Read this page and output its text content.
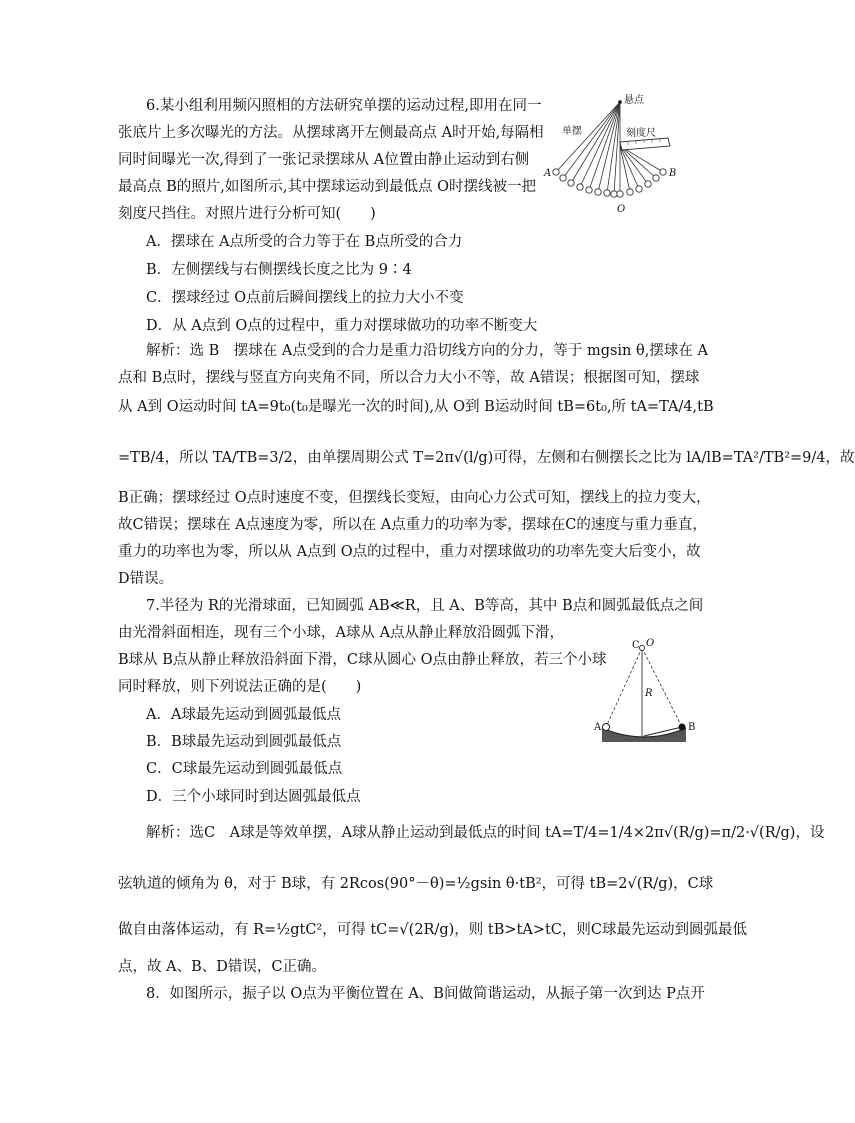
6.某小组利用频闪照相的方法研究单摆的运动过程,即用在同一
张底片上多次曝光的方法。从摆球离开左侧最高点 A时开始,每隔相
同时间曝光一次,得到了一张记录摆球从 A位置由静止运动到右侧
最高点 B的照片,如图所示,其中摆球运动到最低点 O时摆线被一把
刻度尺挡住。对照片进行分析可知(　　)
A．摆球在 A点所受的合力等于在 B点所受的合力
B．左侧摆线与右侧摆线长度之比为 9∶4
C．摆球经过 O点前后瞬间摆线上的拉力大小不变
D．从 A点到 O点的过程中，重力对摆球做功的功率不断变大
解析：选 B　摆球在 A点受到的合力是重力沿切线方向的分力，等于 mgsin θ,摆球在 A
点和 B点时，摆线与竖直方向夹角不同，所以合力大小不等，故 A错误；根据图可知，摆球
从 A到 O运动时间 tA=9t₀(t₀是曝光一次的时间),从 O到 B运动时间 tB=6t₀,所 tA=TA/4,tB
=TB/4，所以 TA/TB=3/2，由单摆周期公式 T=2π√(l/g)可得，左侧和右侧摆长之比为 lA/lB=TA²/TB²=9/4，故
B正确；摆球经过 O点时速度不变，但摆线长变短，由向心力公式可知，摆线上的拉力变大，
故C错误；摆球在 A点速度为零，所以在 A点重力的功率为零，摆球在C的速度与重力垂直，
重力的功率也为零，所以从 A点到 O点的过程中，重力对摆球做功的功率先变大后变小，故
D错误。
悬点
单摆	刻度尺
A	B
O
7.半径为 R的光滑球面，已知圆弧 AB≪R，且 A、B等高，其中 B点和圆弧最低点之间
由光滑斜面相连，现有三个小球，A球从 A点从静止释放沿圆弧下滑，
B球从 B点从静止释放沿斜面下滑，C球从圆心 O点由静止释放，若三个小球
同时释放，则下列说法正确的是(　　)
A．A球最先运动到圆弧最低点
B．B球最先运动到圆弧最低点
C．C球最先运动到圆弧最低点
D．三个小球同时到达圆弧最低点
解析：选C　A球是等效单摆，A球从静止运动到最低点的时间 tA=T/4=1/4×2π√(R/g)=π/2·√(R/g)，设
弦轨道的倾角为 θ，对于 B球，有 2Rcos(90°－θ)=½gsin θ·tB²，可得 tB=2√(R/g)，C球
做自由落体运动，有 R=½gtC²，可得 tC=√(2R/g)，则 tB>tA>tC，则C球最先运动到圆弧最低
点，故 A、B、D错误，C正确。
C O
R
A	B
8．如图所示，振子以 O点为平衡位置在 A、B间做简谐运动，从振子第一次到达 P点开
